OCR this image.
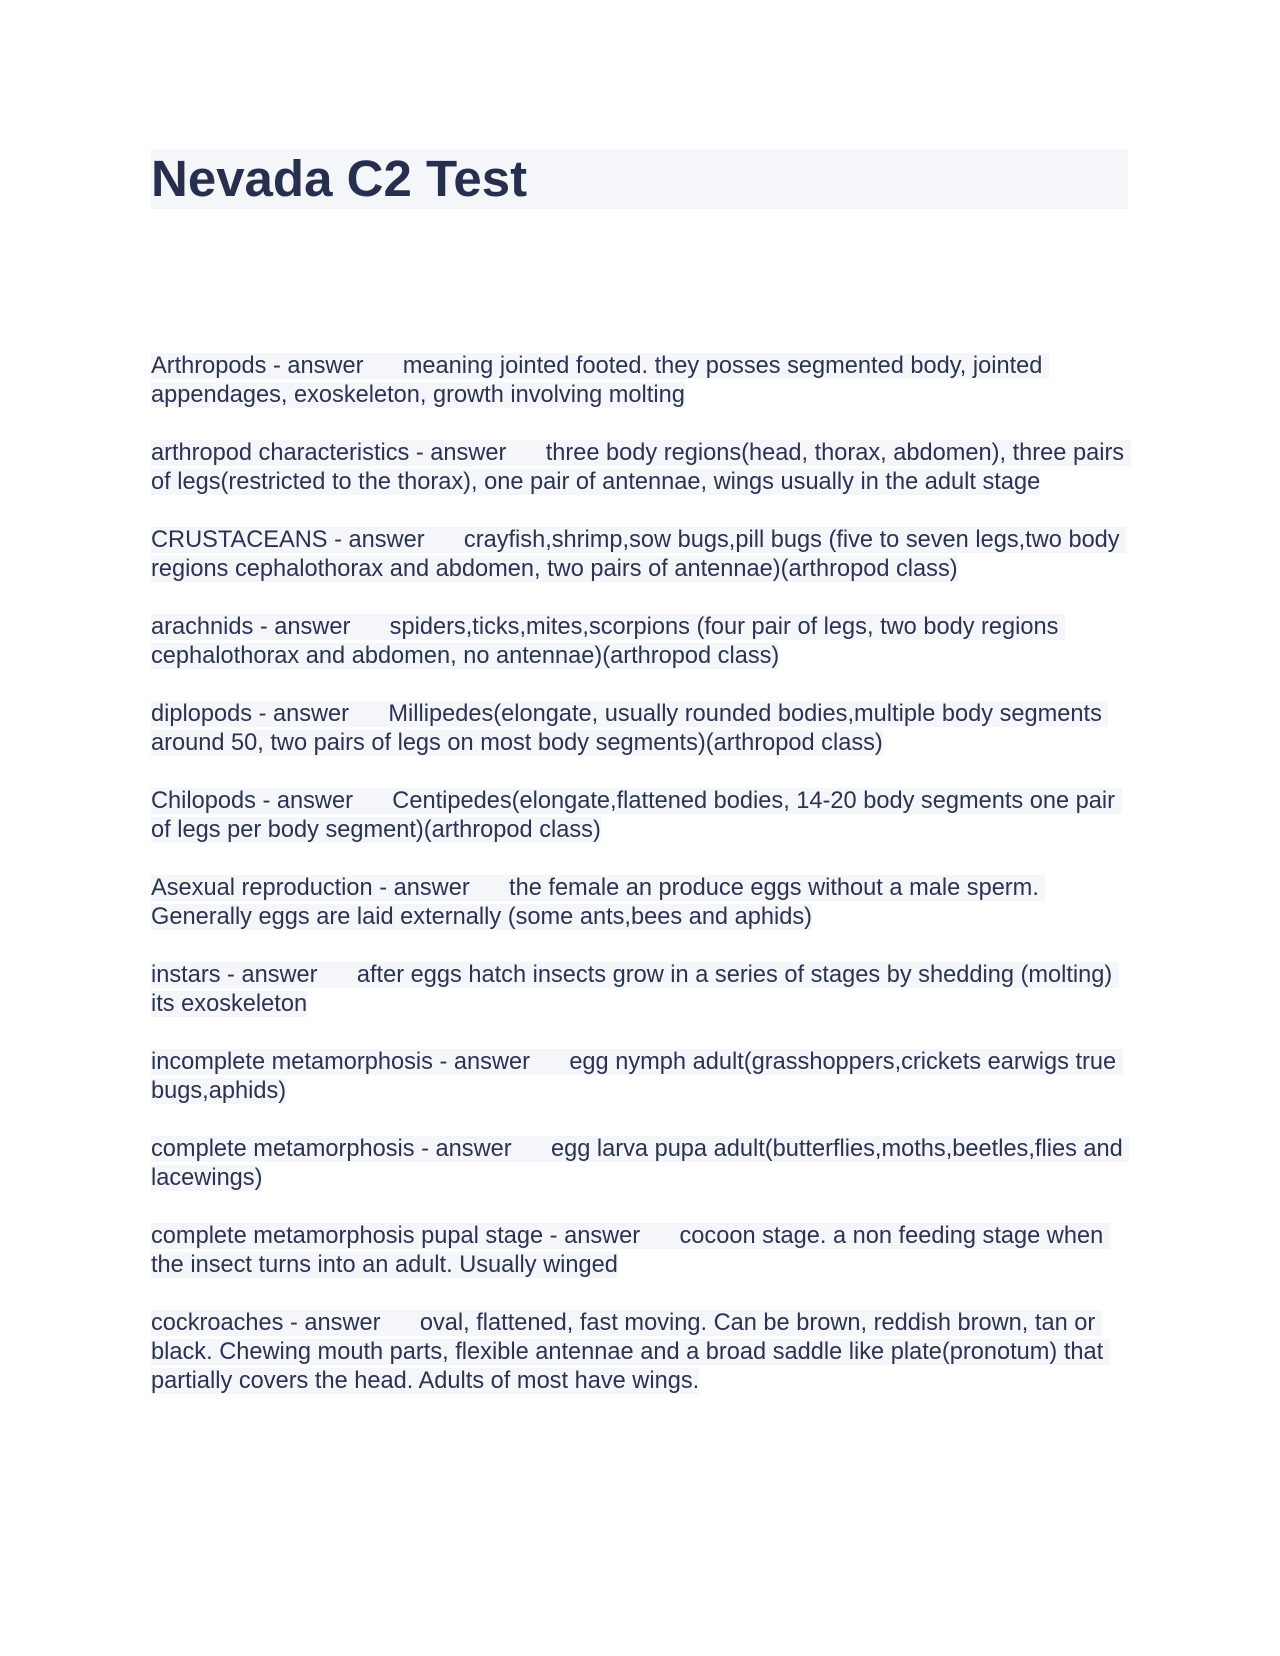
Nevada C2 Test

Arthropods - answer meaning jointed footed. they posses segmented body, jointed appendages, exoskeleton, growth involving molting

arthropod characteristics - answer three body regions(head, thorax, abdomen), three pairs of legs(restricted to the thorax), one pair of antennae, wings usually in the adult stage

CRUSTACEANS - answer crayfish,shrimp,sow bugs,pill bugs (five to seven legs,two body regions cephalothorax and abdomen, two pairs of antennae)(arthropod class)

arachnids - answer spiders,ticks,mites,scorpions (four pair of legs, two body regions cephalothorax and abdomen, no antennae)(arthropod class)

diplopods - answer Millipedes(elongate, usually rounded bodies,multiple body segments around 50, two pairs of legs on most body segments)(arthropod class)

Chilopods - answer Centipedes(elongate,flattened bodies, 14-20 body segments one pair of legs per body segment)(arthropod class)

Asexual reproduction - answer the female an produce eggs without a male sperm. Generally eggs are laid externally (some ants,bees and aphids)

instars - answer after eggs hatch insects grow in a series of stages by shedding (molting) its exoskeleton

incomplete metamorphosis - answer egg nymph adult(grasshoppers,crickets earwigs true bugs,aphids)

complete metamorphosis - answer egg larva pupa adult(butterflies,moths,beetles,flies and lacewings)

complete metamorphosis pupal stage - answer cocoon stage. a non feeding stage when the insect turns into an adult. Usually winged

cockroaches - answer oval, flattened, fast moving. Can be brown, reddish brown, tan or black. Chewing mouth parts, flexible antennae and a broad saddle like plate(pronotum) that partially covers the head. Adults of most have wings.
